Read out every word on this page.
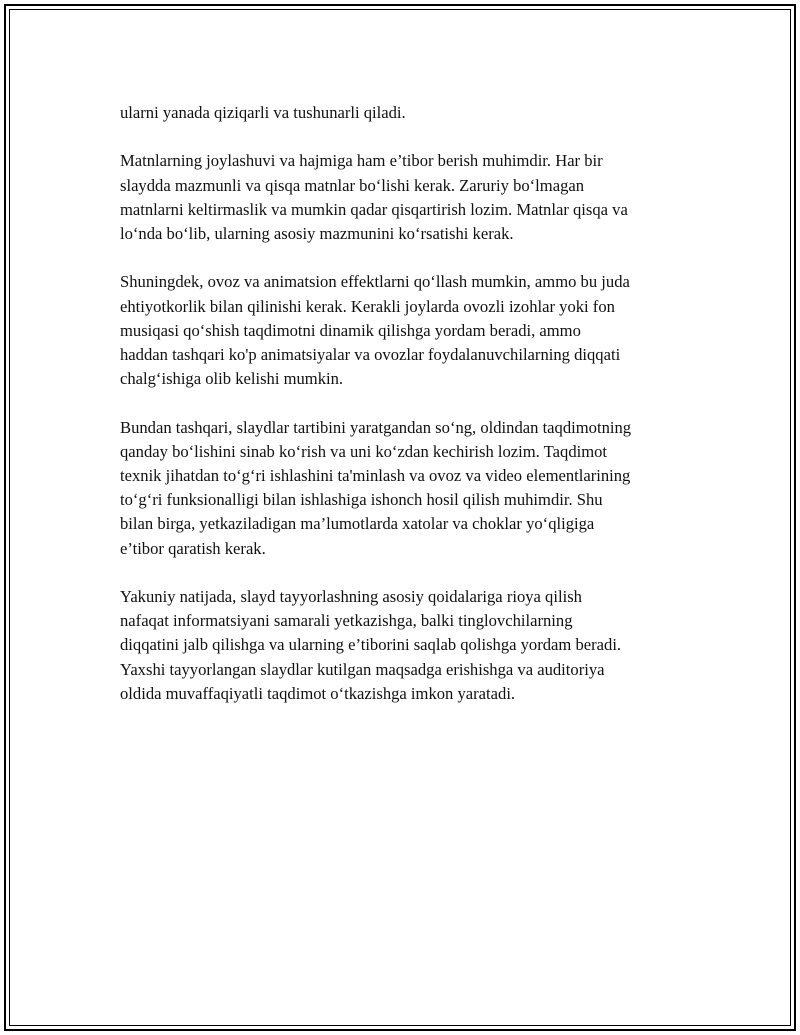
ularni yanada qiziqarli va tushunarli qiladi.

Matnlarning joylashuvi va hajmiga ham e’tibor berish muhimdir. Har bir
slaydda mazmunli va qisqa matnlar bo‘lishi kerak. Zaruriy bo‘lmagan
matnlarni keltirmaslik va mumkin qadar qisqartirish lozim. Matnlar qisqa va
lo‘nda bo‘lib, ularning asosiy mazmunini ko‘rsatishi kerak.

Shuningdek, ovoz va animatsion effektlarni qo‘llash mumkin, ammo bu juda
ehtiyotkorlik bilan qilinishi kerak. Kerakli joylarda ovozli izohlar yoki fon
musiqasi qo‘shish taqdimotni dinamik qilishga yordam beradi, ammo
haddan tashqari ko'p animatsiyalar va ovozlar foydalanuvchilarning diqqati
chalg‘ishiga olib kelishi mumkin.

Bundan tashqari, slaydlar tartibini yaratgandan so‘ng, oldindan taqdimotning
qanday bo‘lishini sinab ko‘rish va uni ko‘zdan kechirish lozim. Taqdimot
texnik jihatdan to‘g‘ri ishlashini ta'minlash va ovoz va video elementlarining
to‘g‘ri funksionalligi bilan ishlashiga ishonch hosil qilish muhimdir. Shu
bilan birga, yetkaziladigan ma’lumotlarda xatolar va choklar yo‘qligiga
e’tibor qaratish kerak.

Yakuniy natijada, slayd tayyorlashning asosiy qoidalariga rioya qilish
nafaqat informatsiyani samarali yetkazishga, balki tinglovchilarning
diqqatini jalb qilishga va ularning e’tiborini saqlab qolishga yordam beradi.
Yaxshi tayyorlangan slaydlar kutilgan maqsadga erishishga va auditoriya
oldida muvaffaqiyatli taqdimot o‘tkazishga imkon yaratadi.
